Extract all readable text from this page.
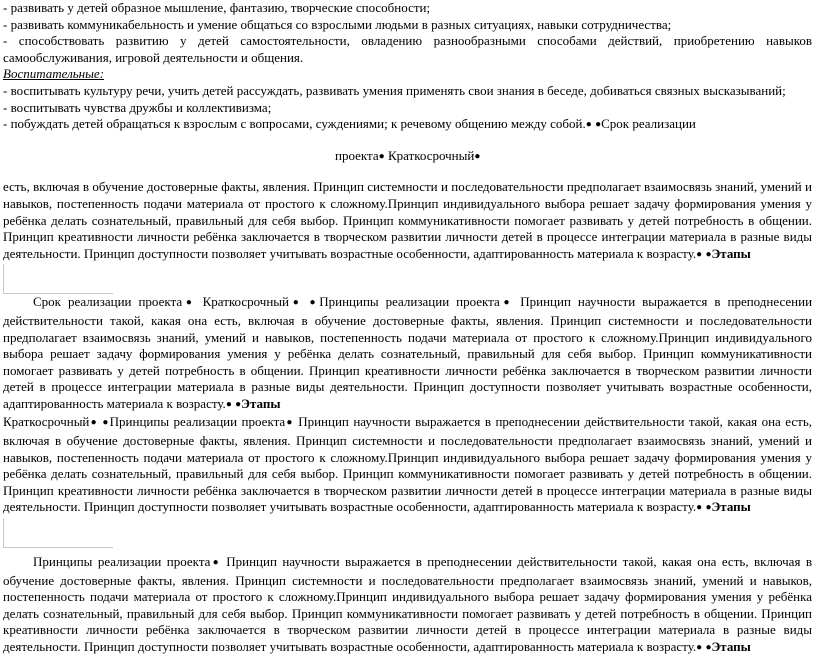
- развивать у детей образное мышление, фантазию, творческие способности;

- развивать коммуникабельность и умение общаться со взрослыми людьми в разных ситуациях, навыки сотрудничества;

- способствовать развитию у детей самостоятельности, овладению разнообразными способами действий, приобретению навыков самообслуживания, игровой деятельности и общения.

Воспитательные:

- воспитывать культуру речи, учить детей рассуждать, развивать умения применять свои знания в беседе, добиваться связных высказываний;

- воспитывать чувства дружбы и коллективизма;

- побуждать детей обращаться к взрослым с вопросами, суждениями; к речевому общению между собой.● ●Срок реализации

проекта● Краткосрочный●

есть, включая в обучение достоверные факты, явления. Принцип системности и последовательности предполагает взаимосвязь знаний, умений и навыков, постепенность подачи материала от простого к сложному.Принцип индивидуального выбора решает задачу формирования умения у ребёнка делать сознательный, правильный для себя выбор. Принцип коммуникативности помогает развивать у детей потребность в общении. Принцип креативности личности ребёнка заключается в творческом развитии личности детей в процессе интеграции материала в разные виды деятельности. Принцип доступности позволяет учитывать возрастные особенности, адаптированность материала к возрасту.● ●Этапы

Срок реализации проекта● Краткосрочный● ●Принципы реализации проекта● Принцип научности выражается в преподнесении действительности такой, какая она есть, включая в обучение достоверные факты, явления. Принцип системности и последовательности предполагает взаимосвязь знаний, умений и навыков, постепенность подачи материала от простого к сложному.Принцип индивидуального выбора решает задачу формирования умения у ребёнка делать сознательный, правильный для себя выбор. Принцип коммуникативности помогает развивать у детей потребность в общении. Принцип креативности личности ребёнка заключается в творческом развитии личности детей в процессе интеграции материала в разные виды деятельности. Принцип доступности позволяет учитывать возрастные особенности, адаптированность материала к возрасту.● ●Этапы

Краткосрочный● ●Принципы реализации проекта● Принцип научности выражается в преподнесении действительности такой, какая она есть, включая в обучение достоверные факты, явления. Принцип системности и последовательности предполагает взаимосвязь знаний, умений и навыков, постепенность подачи материала от простого к сложному.Принцип индивидуального выбора решает задачу формирования умения у ребёнка делать сознательный, правильный для себя выбор. Принцип коммуникативности помогает развивать у детей потребность в общении. Принцип креативности личности ребёнка заключается в творческом развитии личности детей в процессе интеграции материала в разные виды деятельности. Принцип доступности позволяет учитывать возрастные особенности, адаптированность материала к возрасту.● ●Этапы

Принципы реализации проекта● Принцип научности выражается в преподнесении действительности такой, какая она есть, включая в обучение достоверные факты, явления. Принцип системности и последовательности предполагает взаимосвязь знаний, умений и навыков, постепенность подачи материала от простого к сложному.Принцип индивидуального выбора решает задачу формирования умения у ребёнка делать сознательный, правильный для себя выбор. Принцип коммуникативности помогает развивать у детей потребность в общении. Принцип креативности личности ребёнка заключается в творческом развитии личности детей в процессе интеграции материала в разные виды деятельности. Принцип доступности позволяет учитывать возрастные особенности, адаптированность материала к возрасту.● ●Этапы
